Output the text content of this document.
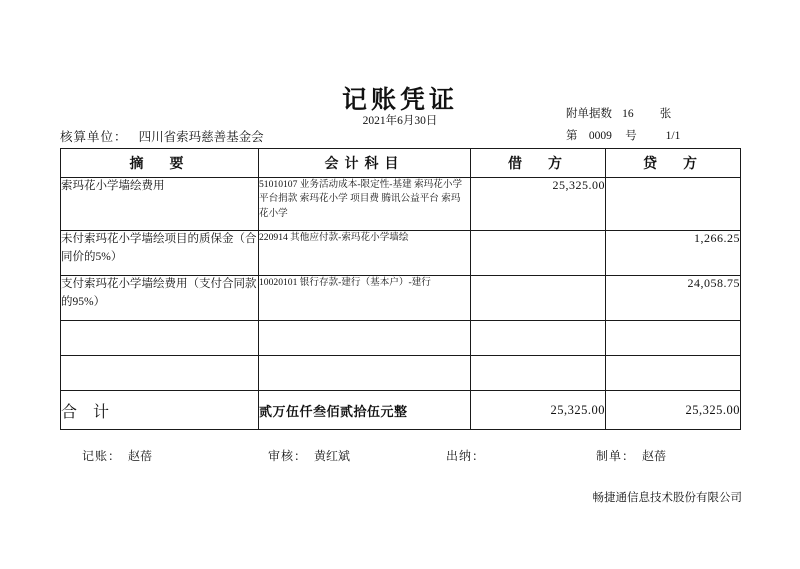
记账凭证
2021年6月30日
附单据数 16 张
第 0009 号	1/1
核算单位： 四川省索玛慈善基金会
摘　要	会计科目	借　方	贷　方
索玛花小学墙绘费用	51010107 业务活动成本-限定性-基建 索玛花小学 平台捐款 索玛花小学 项目费 腾讯公益平台 索玛花小学	25,325.00	
未付索玛花小学墙绘项目的质保金（合同价的5%）	220914 其他应付款-索玛花小学墙绘		1,266.25
支付索玛花小学墙绘费用（支付合同款的95%）	10020101 银行存款-建行（基本户）-建行		24,058.75

合　计	贰万伍仟叁佰贰拾伍元整	25,325.00	25,325.00
记账： 赵蓓	审核： 黄红斌	出纳：	制单： 赵蓓
畅捷通信息技术股份有限公司
